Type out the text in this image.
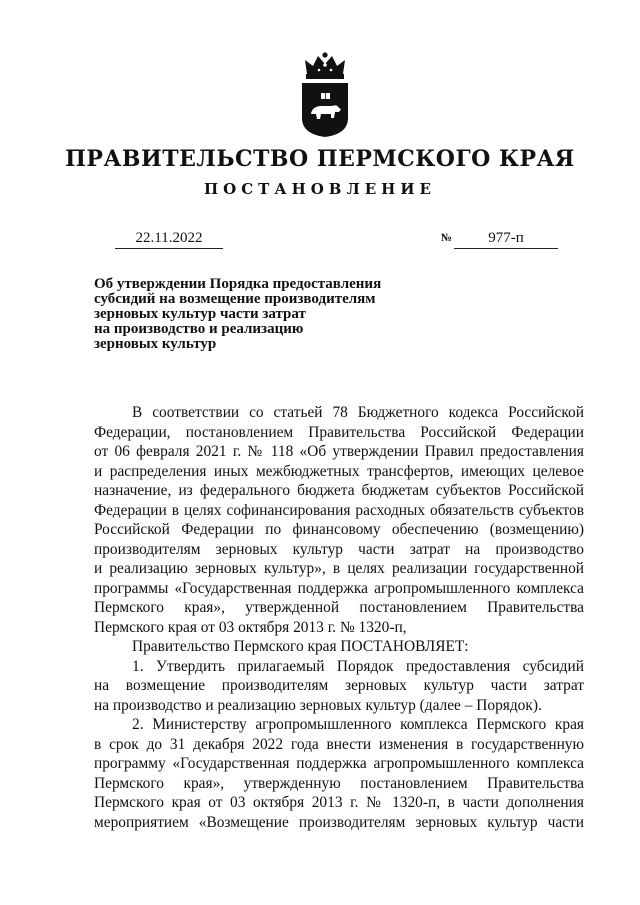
ПРАВИТЕЛЬСТВО ПЕРМСКОГО КРАЯ
ПОСТАНОВЛЕНИЕ
22.11.2022	№	977-п
Об утверждении Порядка предоставления
субсидий на возмещение производителям
зерновых культур части затрат
на производство и реализацию
зерновых культур

В соответствии со статьей 78 Бюджетного кодекса Российской

Федерации, постановлением Правительства Российской Федерации

от 06 февраля 2021 г. № 118 «Об утверждении Правил предоставления

и распределения иных межбюджетных трансфертов, имеющих целевое

назначение, из федерального бюджета бюджетам субъектов Российской

Федерации в целях софинансирования расходных обязательств субъектов

Российской Федерации по финансовому обеспечению (возмещению)

производителям зерновых культур части затрат на производство

и реализацию зерновых культур», в целях реализации государственной

программы «Государственная поддержка агропромышленного комплекса

Пермского края», утвержденной постановлением Правительства

Пермского края от 03 октября 2013 г. № 1320-п,

Правительство Пермского края ПОСТАНОВЛЯЕТ:

1. Утвердить прилагаемый Порядок предоставления субсидий

на возмещение производителям зерновых культур части затрат

на производство и реализацию зерновых культур (далее – Порядок).

2. Министерству агропромышленного комплекса Пермского края

в срок до 31 декабря 2022 года внести изменения в государственную

программу «Государственная поддержка агропромышленного комплекса

Пермского края», утвержденную постановлением Правительства

Пермского края от 03 октября 2013 г. № 1320-п, в части дополнения

мероприятием «Возмещение производителям зерновых культур части
